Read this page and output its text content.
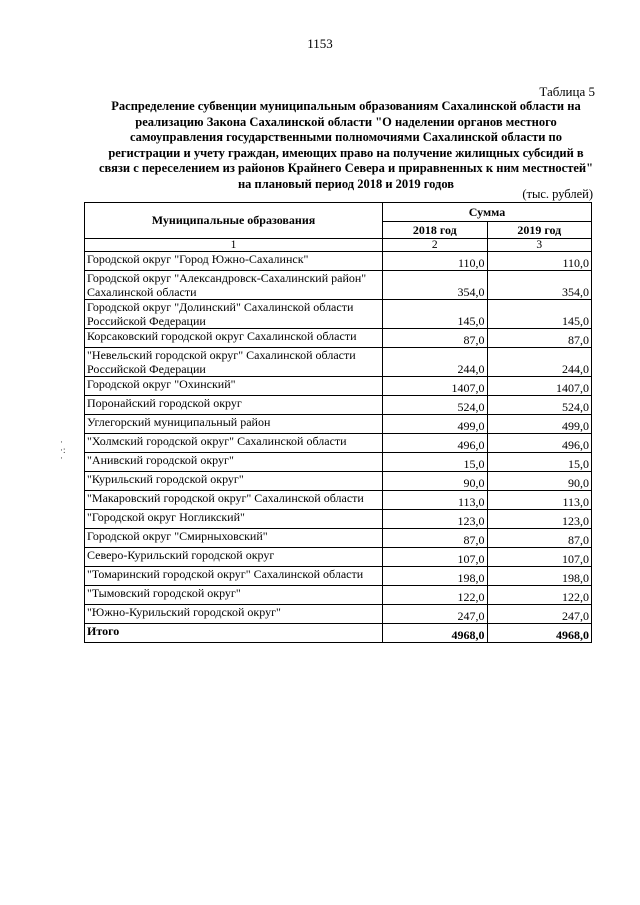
1153
Таблица 5
Распределение субвенции муниципальным образованиям Сахалинской области на
реализацию Закона Сахалинской области "О наделении органов местного
самоуправления государственными полномочиями Сахалинской области по
регистрации и учету граждан, имеющих право на получение жилищных субсидий в
связи с переселением из районов Крайнего Севера и приравненных к ним местностей"
на плановый период 2018 и 2019 годов
(тыс. рублей)
·
·:
·
Муниципальные образования	Сумма	
	2018 год	2019 год
1	2	3
Городской округ "Город Южно-Сахалинск"	110,0	110,0
Городской округ "Александровск-Сахалинский район" Сахалинской области	354,0	354,0
Городской округ "Долинский" Сахалинской области Российской Федерации	145,0	145,0
Корсаковский городской округ Сахалинской области	87,0	87,0
"Невельский городской округ" Сахалинской области Российской Федерации	244,0	244,0
Городской округ "Охинский"	1407,0	1407,0
Поронайский городской округ	524,0	524,0
Углегорский муниципальный район	499,0	499,0
"Холмский городской округ" Сахалинской области	496,0	496,0
"Анивский городской округ"	15,0	15,0
"Курильский городской округ"	90,0	90,0
"Макаровский городской округ" Сахалинской области	113,0	113,0
"Городской округ Ногликский"	123,0	123,0
Городской округ "Смирныховский"	87,0	87,0
Северо-Курильский городской округ	107,0	107,0
"Томаринский городской округ" Сахалинской области	198,0	198,0
"Тымовский городской округ"	122,0	122,0
"Южно-Курильский городской округ"	247,0	247,0
Итого	4968,0	4968,0
